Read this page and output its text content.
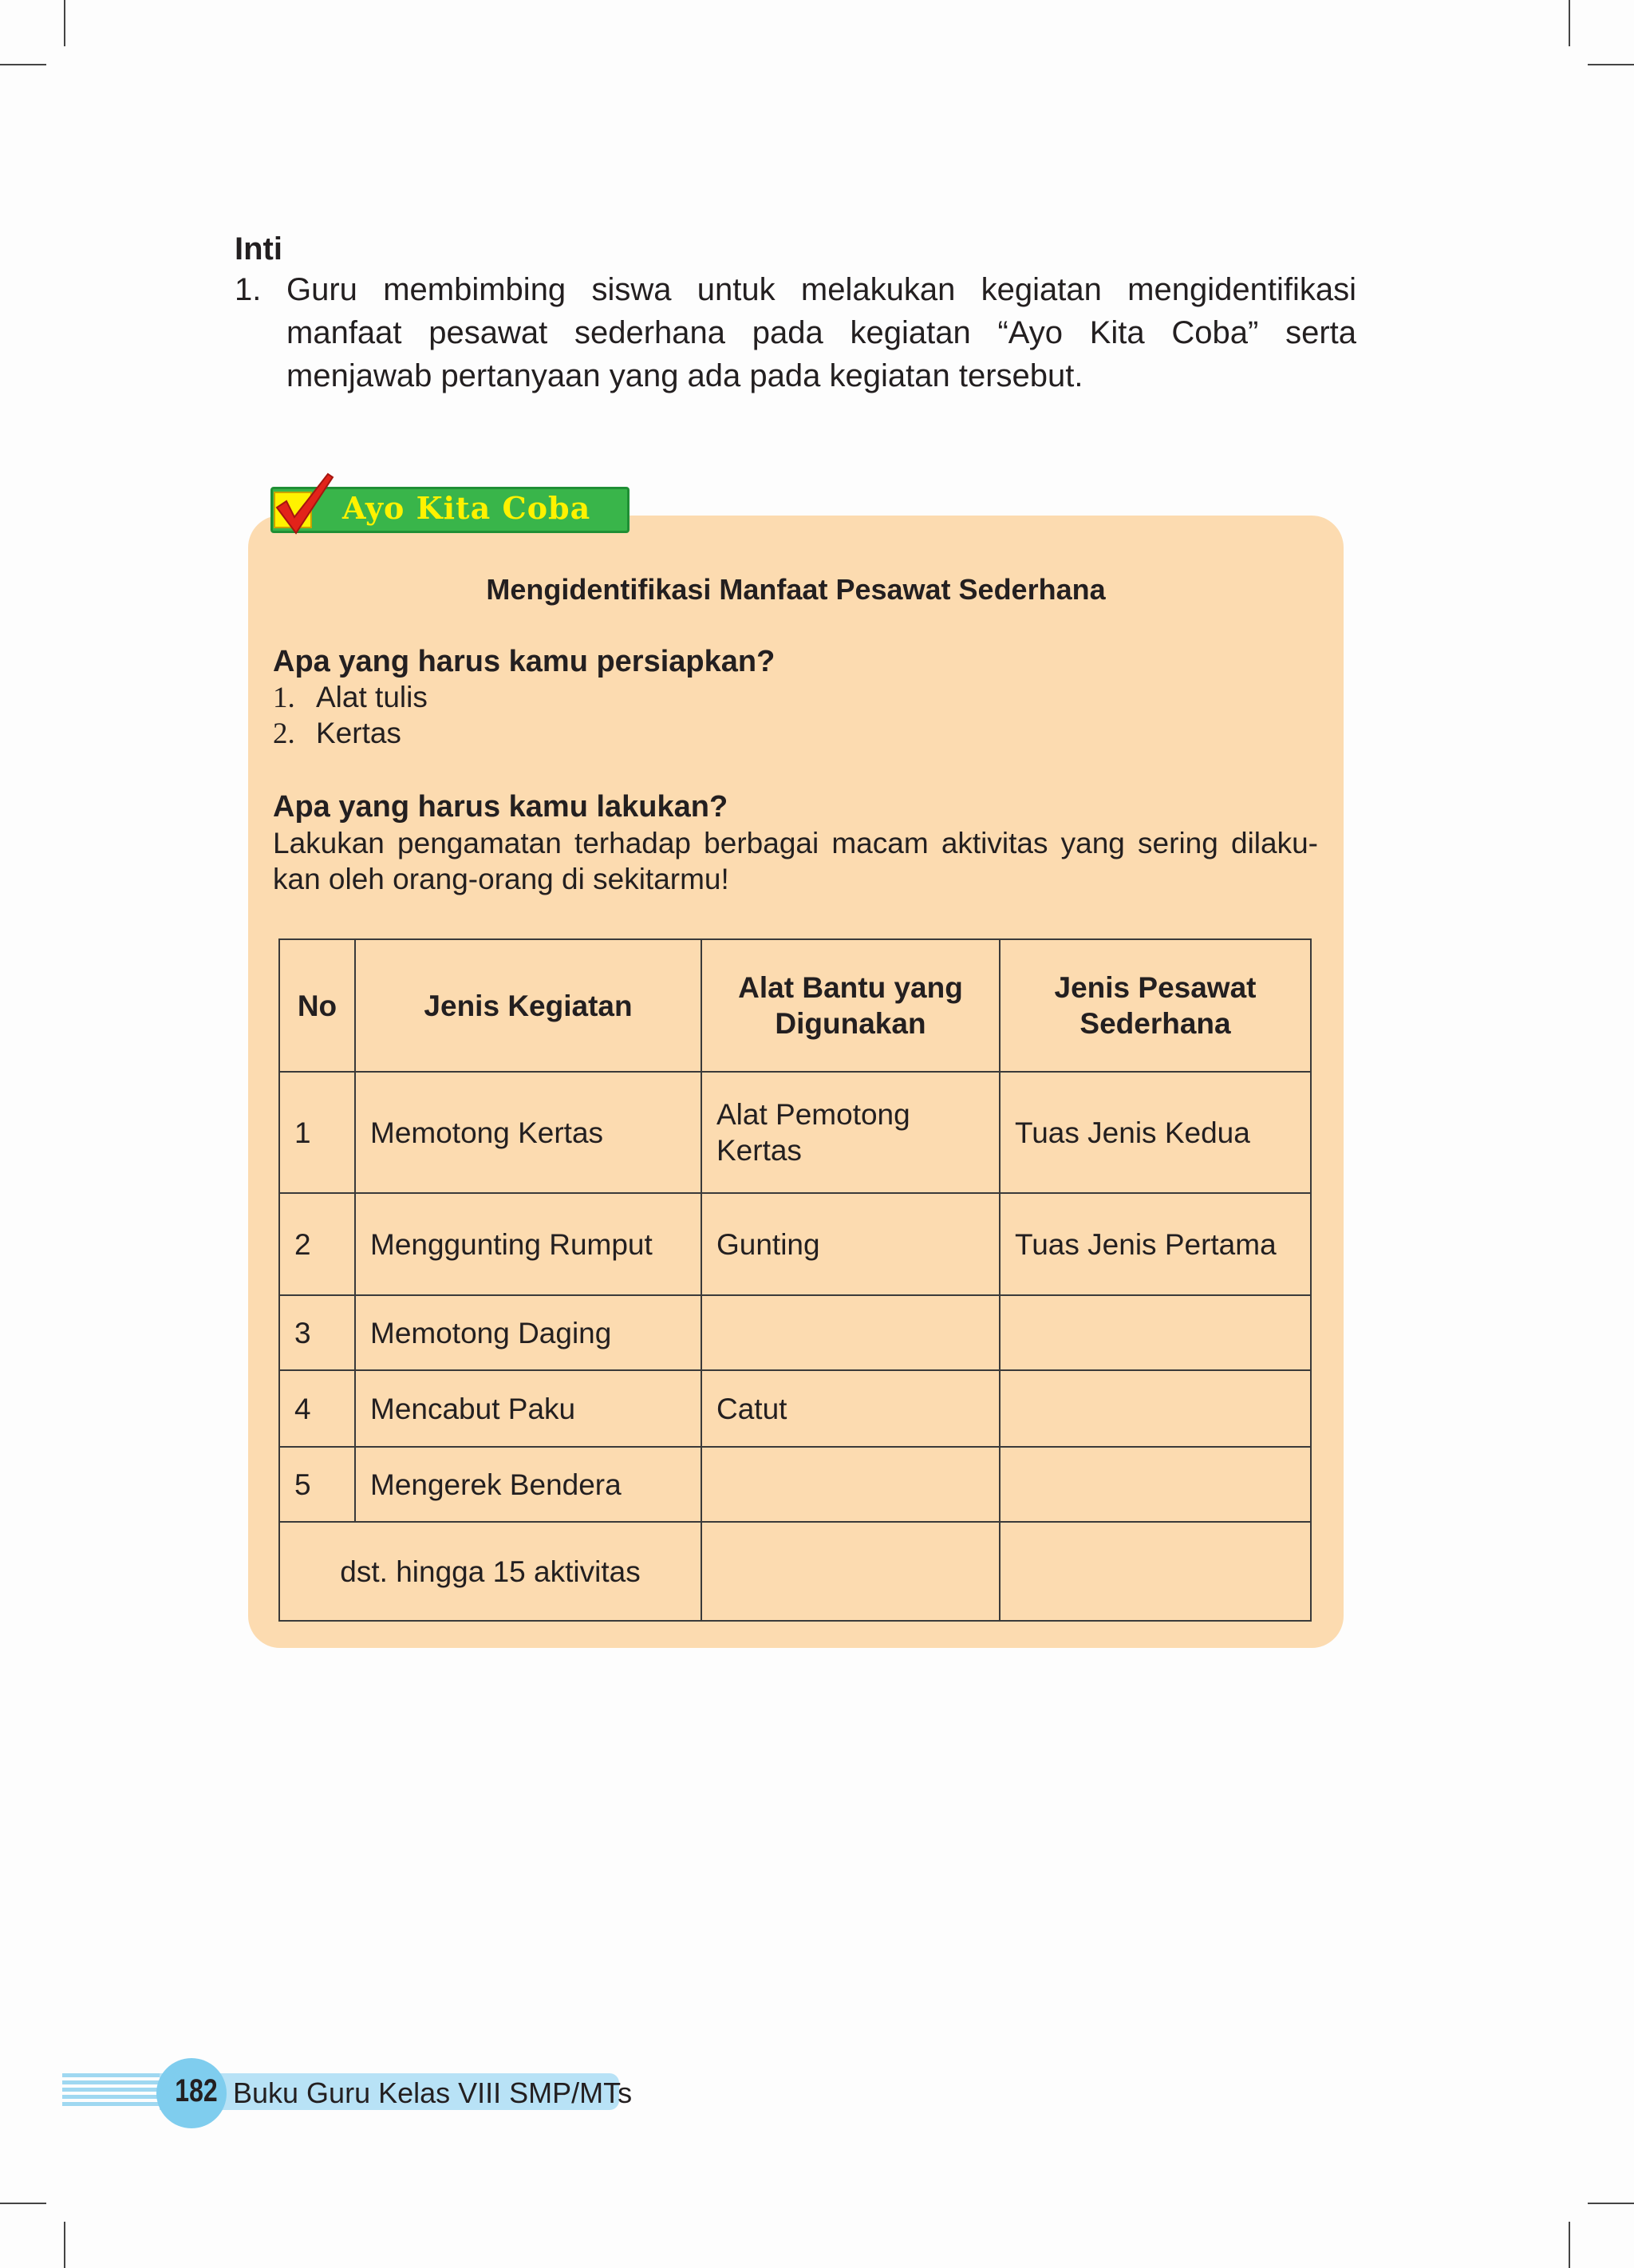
Inti
1. Guru membimbing siswa untuk melakukan kegiatan mengidentifikasi manfaat pesawat sederhana pada kegiatan “Ayo Kita Coba” serta menjawab pertanyaan yang ada pada kegiatan tersebut.
Ayo Kita Coba
Mengidentifikasi Manfaat Pesawat Sederhana
Apa yang harus kamu persiapkan?
1. Alat tulis
2. Kertas
Apa yang harus kamu lakukan?
Lakukan pengamatan terhadap berbagai macam aktivitas yang sering dilaku-kan oleh orang-orang di sekitarmu!
No	Jenis Kegiatan	Alat Bantu yang Digunakan	Jenis Pesawat Sederhana
1	Memotong Kertas	Alat Pemotong Kertas	Tuas Jenis Kedua
2	Menggunting Rumput	Gunting	Tuas Jenis Pertama
3	Memotong Daging		
4	Mencabut Paku	Catut	
5	Mengerek Bendera		
dst. hingga 15 aktivitas			
182 Buku Guru Kelas VIII SMP/MTs
